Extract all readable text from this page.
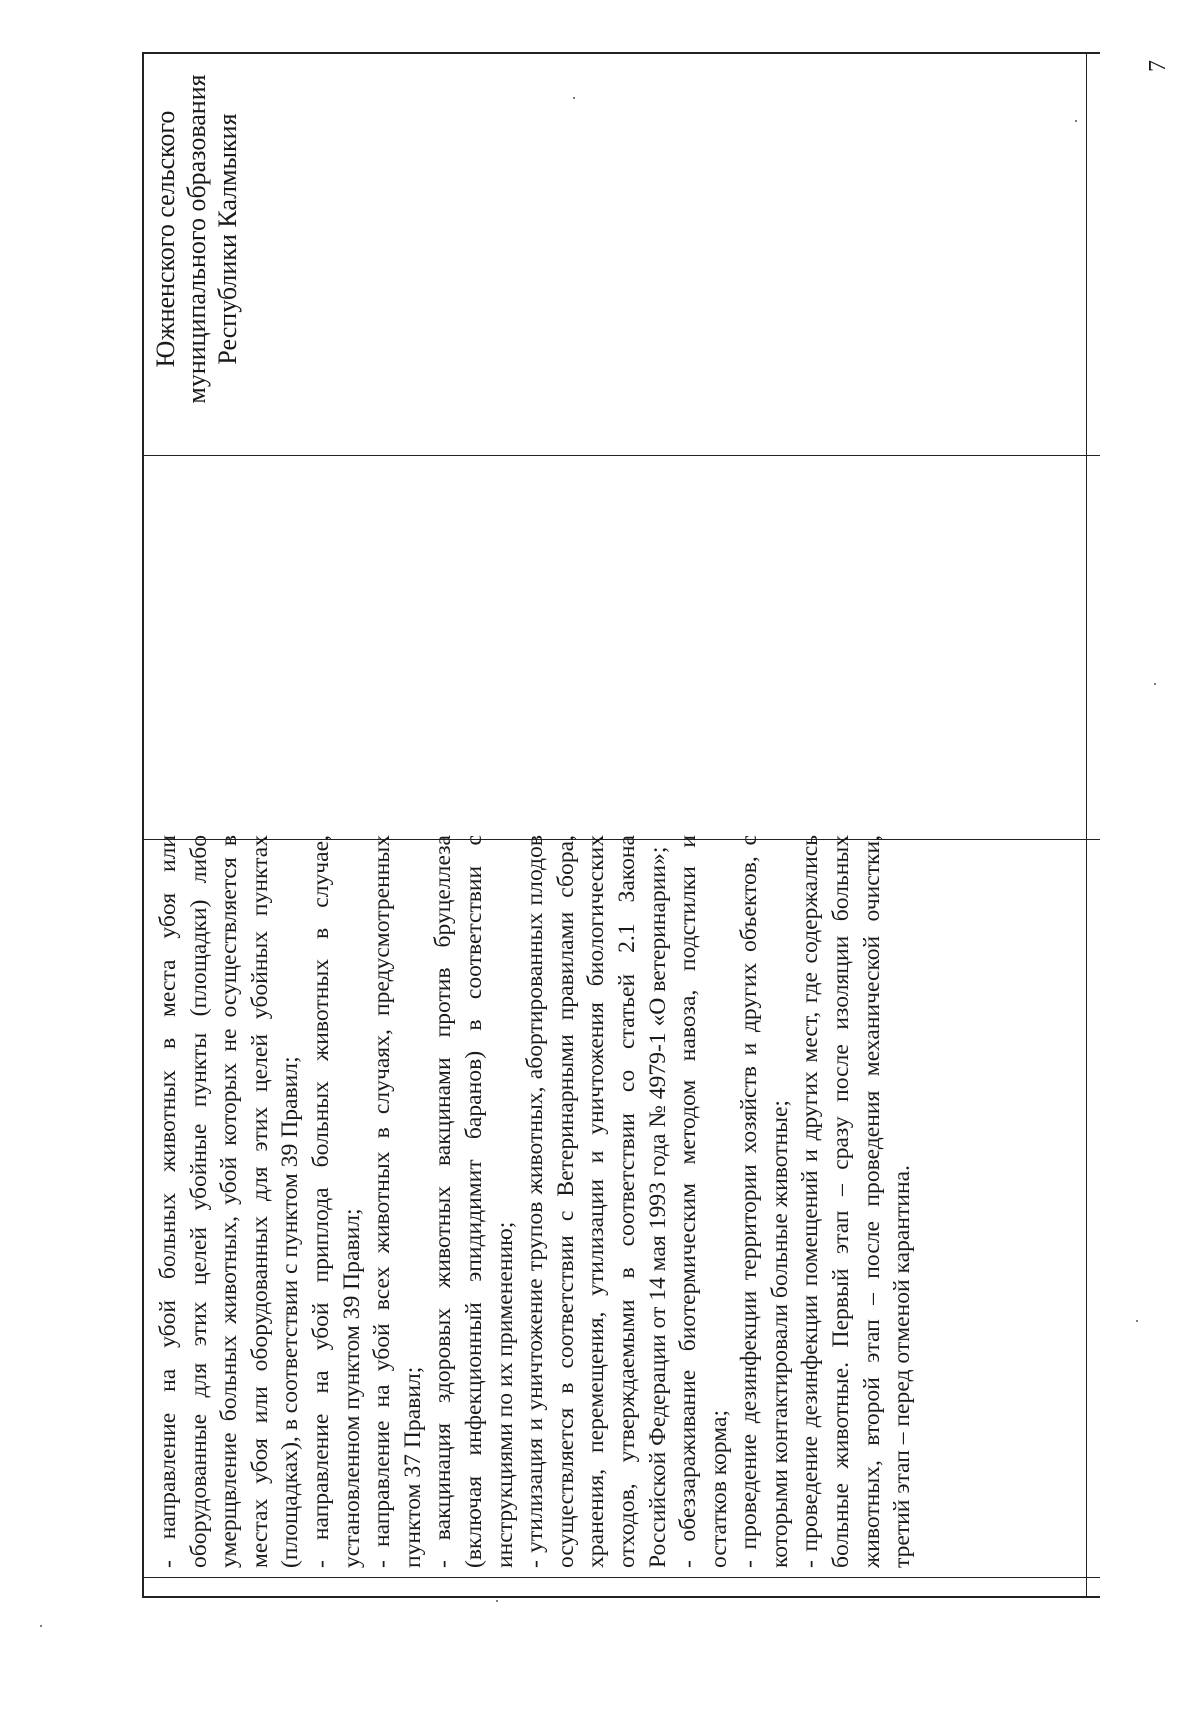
- направление на убой больных животных в места убоя или оборудованные для этих целей убойные пункты (площадки) либо умерщвление больных животных, убой которых не осуществляется в местах убоя или оборудованных для этих целей убойных пунктах (площадках), в соответствии с пунктом 39 Правил; - направление на убой приплода больных животных в случае, установленном пунктом 39 Правил; - направление на убой всех животных в случаях, предусмотренных пунктом 37 Правил; - вакцинация здоровых животных вакцинами против бруцеллеза (включая инфекционный эпидидимит баранов) в соответствии с инструкциями по их применению; - утилизация и уничтожение трупов животных, абортированных плодов осуществляется в соответствии с Ветеринарными правилами сбора, хранения, перемещения, утилизации и уничтожения биологических отходов, утверждаемыми в соответствии со статьей 2.1 Закона Российской Федерации от 14 мая 1993 года № 4979-1 «О ветеринарии»; - обеззараживание биотермическим методом навоза, подстилки и остатков корма; - проведение дезинфекции территории хозяйств и других объектов, с которыми контактировали больные животные; - проведение дезинфекции помещений и других мест, где содержались больные животные. Первый этап – сразу после изоляции больных животных, второй этап – после проведения механической очистки, третий этап – перед отменой карантина.

Южненского сельского муниципального образования Республики Калмыкия
7
